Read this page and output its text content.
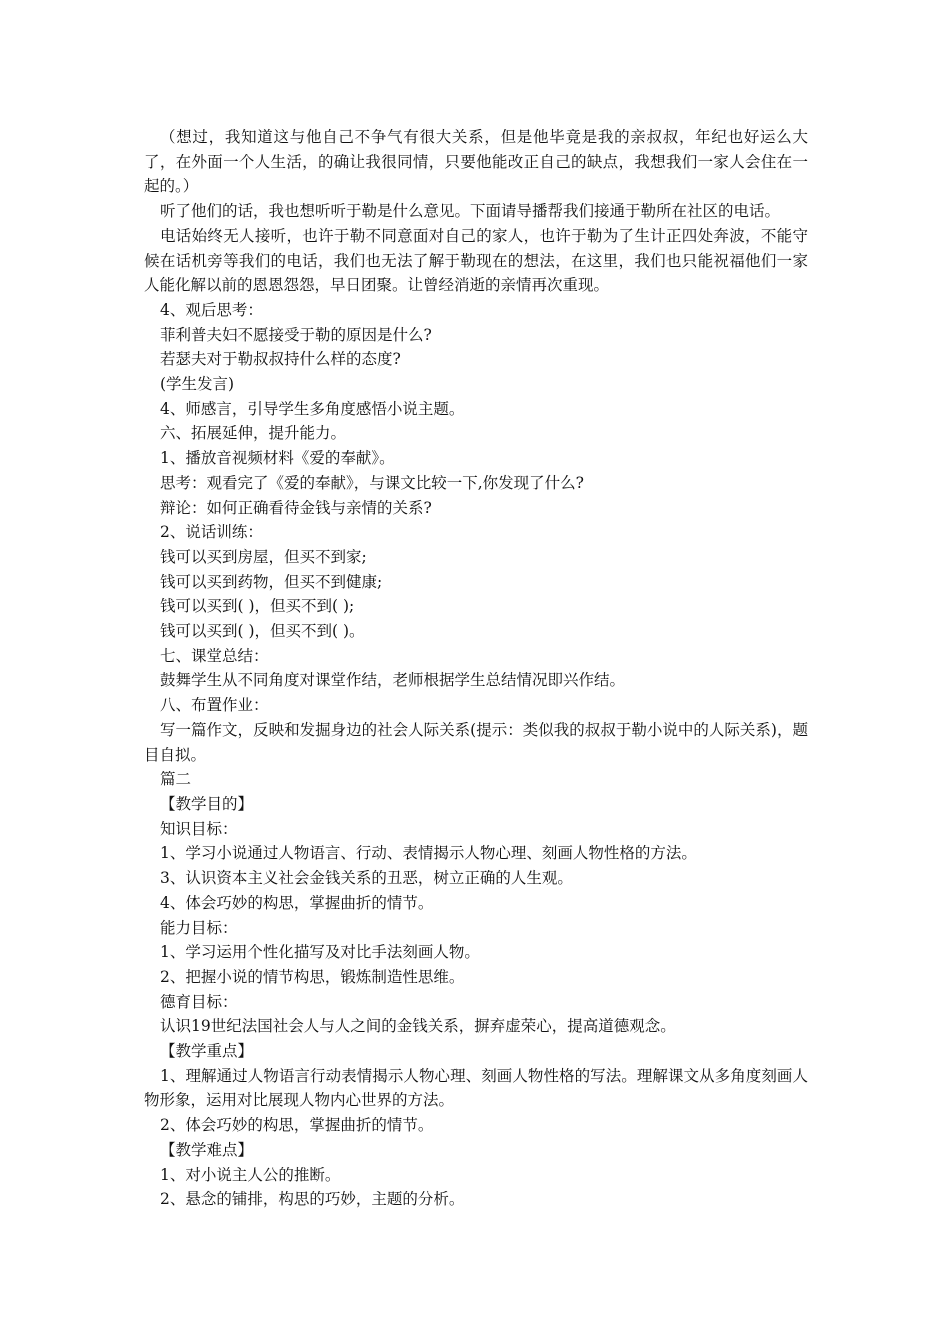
（想过，我知道这与他自己不争气有很大关系，但是他毕竟是我的亲叔叔，年纪也好运么大了，在外面一个人生活，的确让我很同情，只要他能改正自己的缺点，我想我们一家人会住在一起的。）

听了他们的话，我也想听听于勒是什么意见。下面请导播帮我们接通于勒所在社区的电话。

电话始终无人接听，也许于勒不同意面对自己的家人，也许于勒为了生计正四处奔波，不能守候在话机旁等我们的电话，我们也无法了解于勒现在的想法，在这里，我们也只能祝福他们一家人能化解以前的恩恩怨怨，早日团聚。让曾经消逝的亲情再次重现。

4、观后思考：

菲利普夫妇不愿接受于勒的原因是什么?

若瑟夫对于勒叔叔持什么样的态度?

(学生发言)

4、师感言，引导学生多角度感悟小说主题。

六、拓展延伸，提升能力。

1、播放音视频材料《爱的奉献》。

思考：观看完了《爱的奉献》，与课文比较一下,你发现了什么?

辩论：如何正确看待金钱与亲情的关系?

2、说话训练：

钱可以买到房屋，但买不到家;

钱可以买到药物，但买不到健康;

钱可以买到( )，但买不到( );

钱可以买到( )，但买不到( )。

七、课堂总结：

鼓舞学生从不同角度对课堂作结，老师根据学生总结情况即兴作结。

八、布置作业：

写一篇作文，反映和发掘身边的社会人际关系(提示：类似我的叔叔于勒小说中的人际关系)，题目自拟。

篇二

【教学目的】

知识目标：

1、学习小说通过人物语言、行动、表情揭示人物心理、刻画人物性格的方法。

3、认识资本主义社会金钱关系的丑恶，树立正确的人生观。

4、体会巧妙的构思，掌握曲折的情节。

能力目标：

1、学习运用个性化描写及对比手法刻画人物。

2、把握小说的情节构思，锻炼制造性思维。

德育目标：

认识19世纪法国社会人与人之间的金钱关系，摒弃虚荣心，提高道德观念。

【教学重点】

1、理解通过人物语言行动表情揭示人物心理、刻画人物性格的写法。理解课文从多角度刻画人物形象，运用对比展现人物内心世界的方法。

2、体会巧妙的构思，掌握曲折的情节。

【教学难点】

1、对小说主人公的推断。

2、悬念的铺排，构思的巧妙，主题的分析。
